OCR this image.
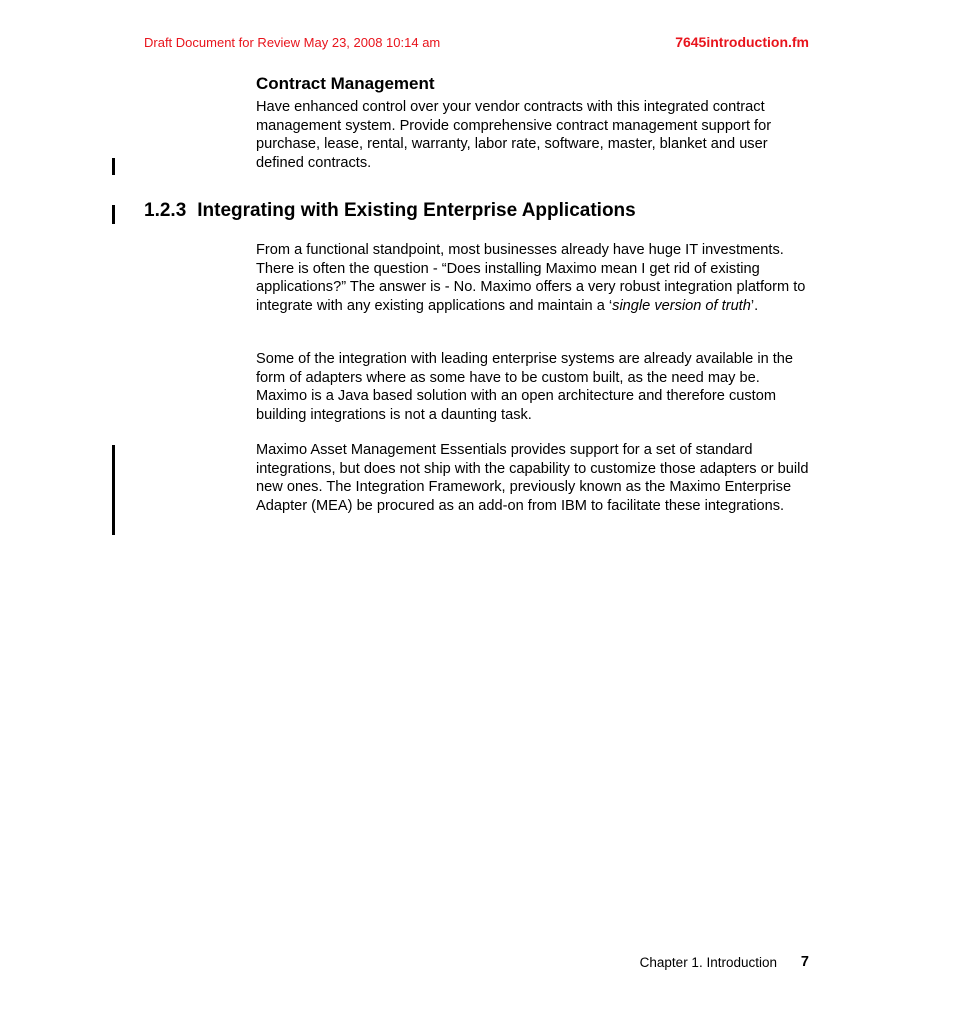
Draft Document for Review May 23, 2008 10:14 am	7645introduction.fm
Contract Management

Have enhanced control over your vendor contracts with this integrated contract management system. Provide comprehensive contract management support for purchase, lease, rental, warranty, labor rate, software, master, blanket and user defined contracts.

1.2.3 Integrating with Existing Enterprise Applications

From a functional standpoint, most businesses already have huge IT investments. There is often the question - “Does installing Maximo mean I get rid of existing applications?” The answer is - No. Maximo offers a very robust integration platform to integrate with any existing applications and maintain a ‘single version of truth’.

Some of the integration with leading enterprise systems are already available in the form of adapters where as some have to be custom built, as the need may be. Maximo is a Java based solution with an open architecture and therefore custom building integrations is not a daunting task.

Maximo Asset Management Essentials provides support for a set of standard integrations, but does not ship with the capability to customize those adapters or build new ones. The Integration Framework, previously known as the Maximo Enterprise Adapter (MEA) be procured as an add-on from IBM to facilitate these integrations.

Chapter 1. Introduction 7
